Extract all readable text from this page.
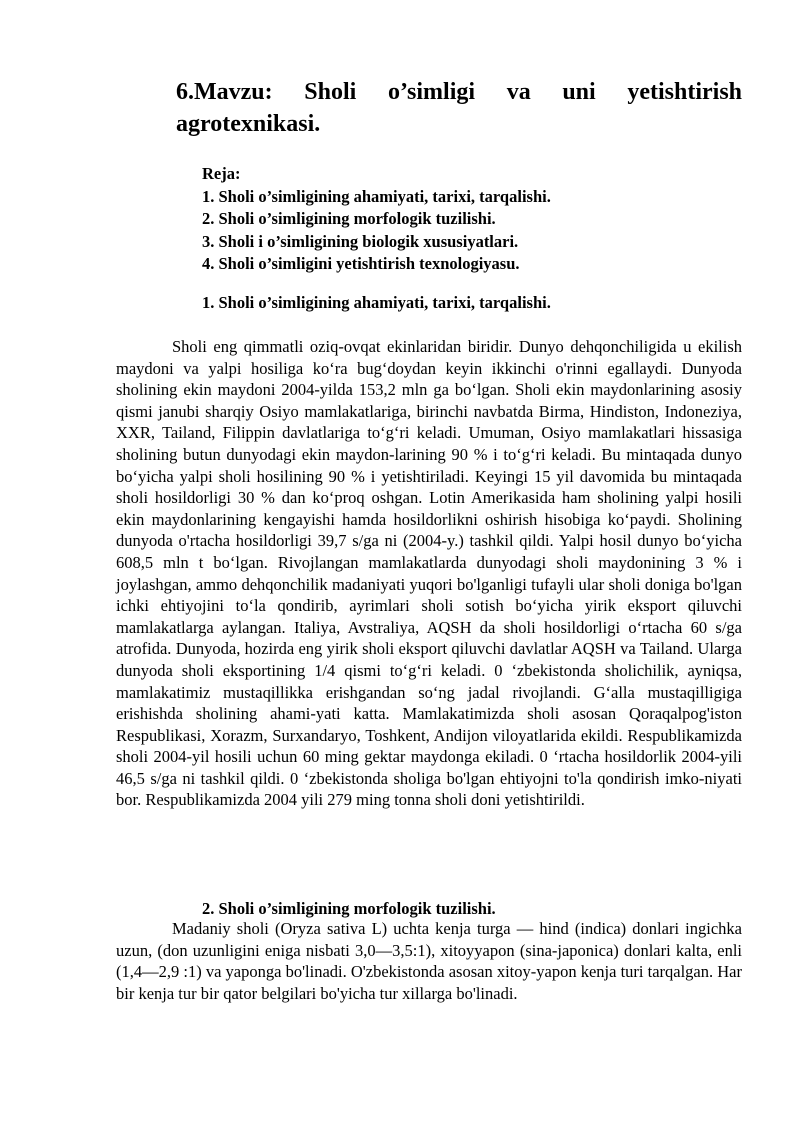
6.Mavzu: Sholi o’simligi va uni yetishtirish agrotexnikasi.
Reja:
1. Sholi o’simligining ahamiyati, tarixi, tarqalishi.
2. Sholi o’simligining morfologik tuzilishi.
3. Sholi i o’simligining biologik xususiyatlari.
4. Sholi o’simligini yetishtirish texnologiyasu.
1. Sholi o’simligining ahamiyati, tarixi, tarqalishi.

Sholi eng qimmatli oziq-ovqat ekinlaridan biridir. Dunyo dehqonchiligida u ekilish maydoni va yalpi hosiliga ko‘ra bug‘doydan keyin ikkinchi o'rinni egallaydi. Dunyoda sholining ekin maydoni 2004-yilda 153,2 mln ga bo‘lgan. Sholi ekin maydonlarining asosiy qismi janubi sharqiy Osiyo mamlakatlariga, birinchi navbatda Birma, Hindiston, Indoneziya, XXR, Tailand, Filippin davlatlariga to‘g‘ri keladi. Umuman, Osiyo mamlakatlari hissasiga sholining butun dunyodagi ekin maydon-larining 90 % i to‘g‘ri keladi. Bu mintaqada dunyo bo‘yicha yalpi sholi hosilining 90 % i yetishtiriladi. Keyingi 15 yil davomida bu mintaqada sholi hosildorligi 30 % dan ko‘proq oshgan. Lotin Amerikasida ham sholining yalpi hosili ekin maydonlarining kengayishi hamda hosildorlikni oshirish hisobiga ko‘paydi. Sholining dunyoda o'rtacha hosildorligi 39,7 s/ga ni (2004-y.) tashkil qildi. Yalpi hosil dunyo bo‘yicha 608,5 mln t bo‘lgan. Rivojlangan mamlakatlarda dunyodagi sholi maydonining 3 % i joylashgan, ammo dehqonchilik madaniyati yuqori bo'lganligi tufayli ular sholi doniga bo'lgan ichki ehtiyojini to‘la qondirib, ayrimlari sholi sotish bo‘yicha yirik eksport qiluvchi mamlakatlarga aylangan. Italiya, Avstraliya, AQSH da sholi hosildorligi o‘rtacha 60 s/ga atrofida. Dunyoda, hozirda eng yirik sholi eksport qiluvchi davlatlar AQSH va Tailand. Ularga dunyoda sholi eksportining 1/4 qismi to‘g‘ri keladi. 0 ‘zbekistonda sholichilik, ayniqsa, mamlakatimiz mustaqillikka erishgandan so‘ng jadal rivojlandi. G‘alla mustaqilligiga erishishda sholining ahami-yati katta. Mamlakatimizda sholi asosan Qoraqalpog'iston Respublikasi, Xorazm, Surxandaryo, Toshkent, Andijon viloyatlarida ekildi. Respublikamizda sholi 2004-yil hosili uchun 60 ming gektar maydonga ekiladi. 0 ‘rtacha hosildorlik 2004-yili 46,5 s/ga ni tashkil qildi. 0 ‘zbekistonda sholiga bo'lgan ehtiyojni to'la qondirish imko-niyati bor. Respublikamizda 2004 yili 279 ming tonna sholi doni yetishtirildi.

2. Sholi o’simligining morfologik tuzilishi.

Madaniy sholi (Oryza sativa L) uchta kenja turga — hind (indica) donlari ingichka uzun, (don uzunligini eniga nisbati 3,0—3,5:1), xitoyyapon (sina-japonica) donlari kalta, enli (1,4—2,9 :1) va yaponga bo'linadi. O'zbekistonda asosan xitoy-yapon kenja turi tarqalgan. Har bir kenja tur bir qator belgilari bo'yicha tur xillarga bo'linadi.
